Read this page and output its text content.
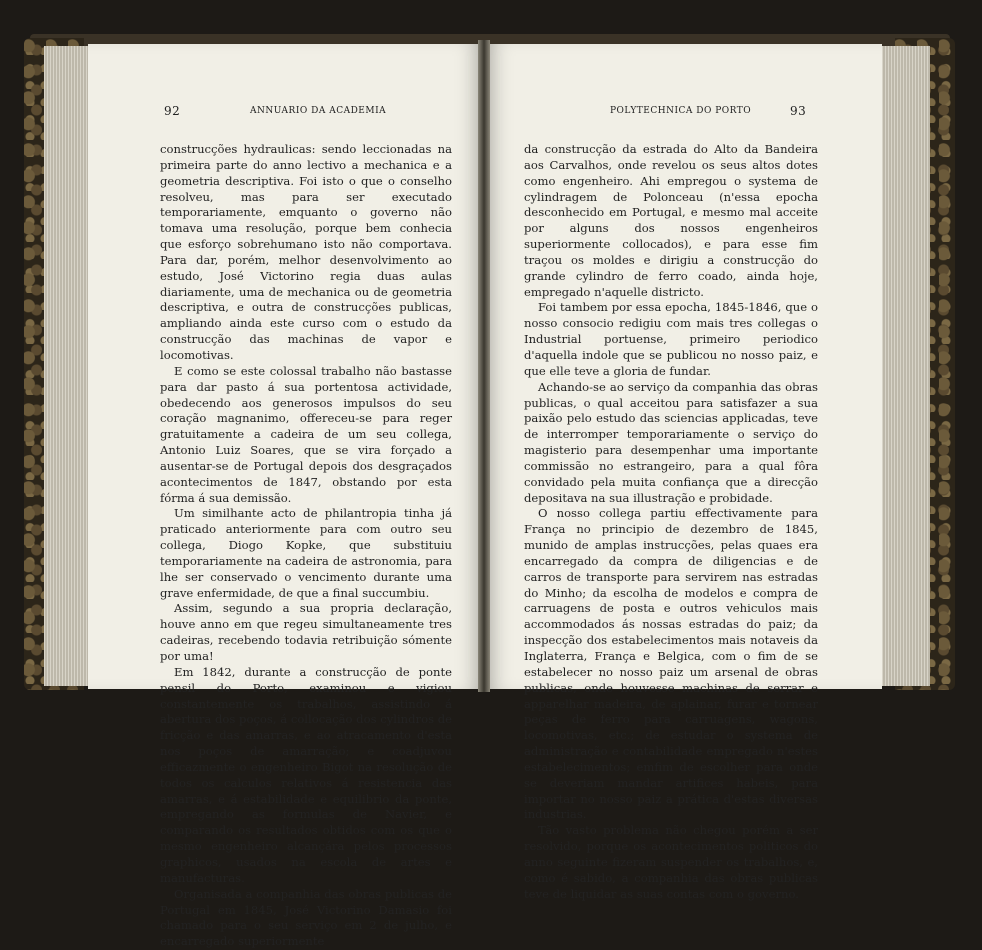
92	ANNUARIO DA ACADEMIA

construcções hydraulicas: sendo leccionadas na primeira parte do anno lectivo a mechanica e a geometria descriptiva. Foi isto o que o conselho resolveu, mas para ser executado temporariamente, emquanto o governo não tomava uma resolução, porque bem conhecia que esforço sobrehumano isto não comportava. Para dar, porém, melhor desenvolvimento ao estudo, José Victorino regia duas aulas diariamente, uma de mechanica ou de geometria descriptiva, e outra de construcções publicas, ampliando ainda este curso com o estudo da construcção das machinas de vapor e locomotivas.

E como se este colossal trabalho não bastasse para dar pasto á sua portentosa actividade, obedecendo aos generosos impulsos do seu coração magnanimo, offereceu-se para reger gratuitamente a cadeira de um seu collega, Antonio Luiz Soares, que se vira forçado a ausentar-se de Portugal depois dos desgraçados acontecimentos de 1847, obstando por esta fórma á sua demissão.

Um similhante acto de philantropia tinha já praticado anteriormente para com outro seu collega, Diogo Kopke, que substituiu temporariamente na cadeira de astronomia, para lhe ser conservado o vencimento durante uma grave enfermidade, de que a final succumbiu.

Assim, segundo a sua propria declaração, houve anno em que regeu simultaneamente tres cadeiras, recebendo todavia retribuição sómente por uma!

Em 1842, durante a construcção de ponte pensil do Porto, examinou e vigiou constantemente os trabalhos, assistindo á abertura dos poços, á collocação dos cylindros de fricção e das amarras, e ao atracamento d'esta nos poços de amarração; e coadjuvou efficazmente o engenheiro Bigot na resolução de todos os calculos relativos á resistencia das amarras, e á estabilidade e equilibrio da ponte, empregando as formulas de Navier, e comparando os resultados obtidos com os que o mesmo engenheiro alcançára pelos processos graphicos, usados na escola de artes e manufacturas.

Organisada a companhia das obras publicas de Portugal em 1845, José Victorino Damasio foi chamado para o seu serviço em 2 de julho, e encarregado superiormente

POLYTECHNICA DO PORTO	93

da construcção da estrada do Alto da Bandeira aos Carvalhos, onde revelou os seus altos dotes como engenheiro. Ahi empregou o systema de cylindragem de Polonceau (n'essa epocha desconhecido em Portugal, e mesmo mal acceite por alguns dos nossos engenheiros superiormente collocados), e para esse fim traçou os moldes e dirigiu a construcção do grande cylindro de ferro coado, ainda hoje, empregado n'aquelle districto.

Foi tambem por essa epocha, 1845-1846, que o nosso consocio redigiu com mais tres collegas o Industrial portuense, primeiro periodico d'aquella indole que se publicou no nosso paiz, e que elle teve a gloria de fundar.

Achando-se ao serviço da companhia das obras publicas, o qual acceitou para satisfazer a sua paixão pelo estudo das sciencias applicadas, teve de interromper temporariamente o serviço do magisterio para desempenhar uma importante commissão no estrangeiro, para a qual fôra convidado pela muita confiança que a direcção depositava na sua illustração e probidade.

O nosso collega partiu effectivamente para França no principio de dezembro de 1845, munido de amplas instrucções, pelas quaes era encarregado da compra de diligencias e de carros de transporte para servirem nas estradas do Minho; da escolha de modelos e compra de carruagens de posta e outros vehiculos mais accommodados ás nossas estradas do paiz; da inspecção dos estabelecimentos mais notaveis da Inglaterra, França e Belgica, com o fim de se estabelecer no nosso paiz um arsenal de obras publicas, onde houvesse machinas de serrar e apparelhar madeira, de aplainar, furar e tornear peças de ferro para carruagens, wagons, locomotivas, etc.; de estudar o systema de administração e contabilidade empregado n'estes estabelecimentos; emfim de escolher para onde se deveriam mandar artifices habeis, para importar no nosso paiz a prática d'estas diversas industrias.

Tão vasto problema não chegou porém a ser resolvido, porque os acontecimentos politicos do anno seguinte fizeram suspender os trabalhos, e, como é sabido, a companhia das obras publicas teve de liquidar as suas contas com o governo.
